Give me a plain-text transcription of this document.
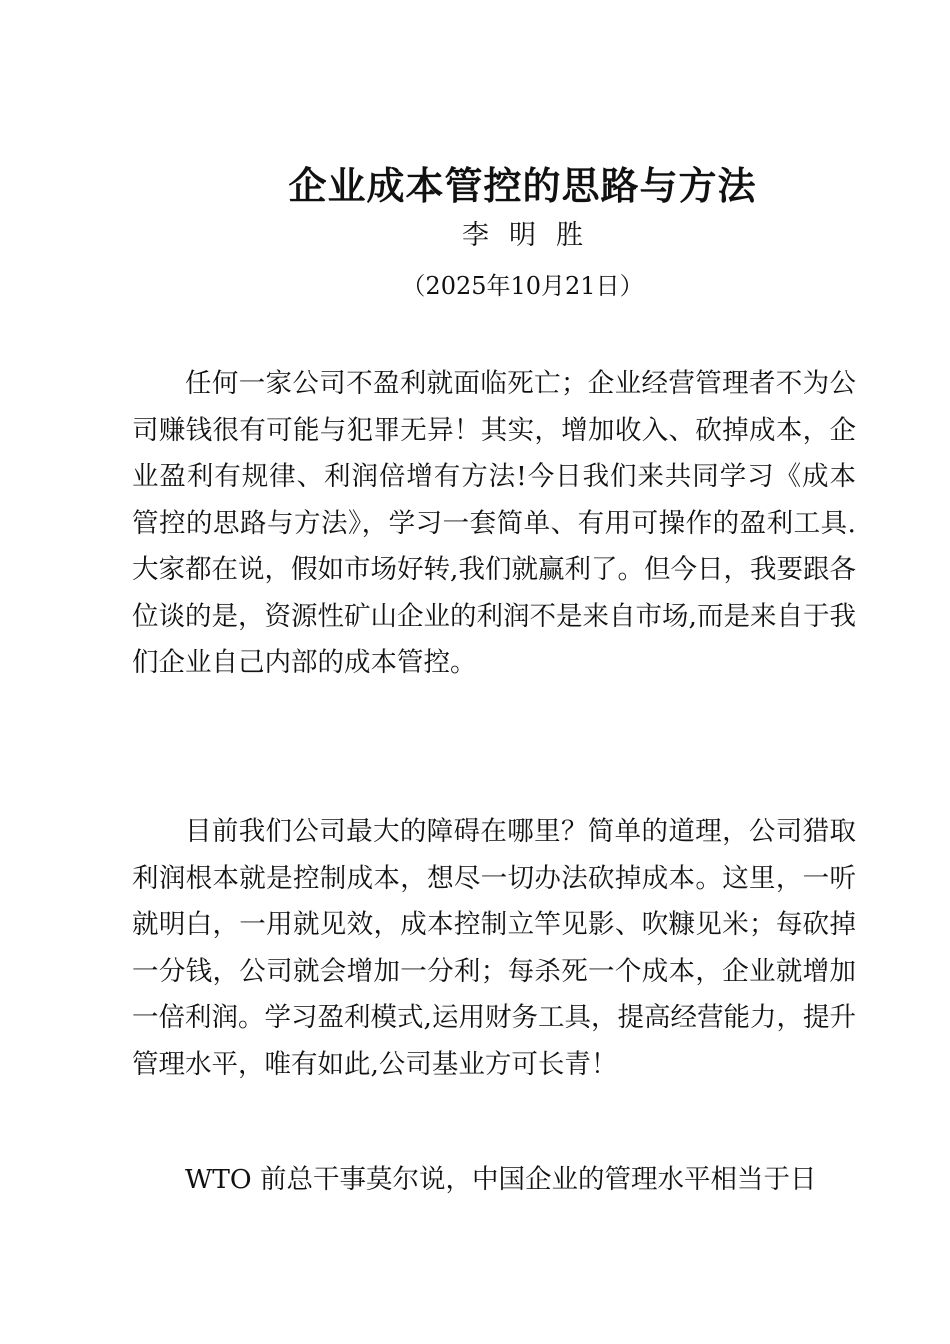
企业成本管控的思路与方法
李 明 胜
（2025年10月21日）

任何一家公司不盈利就面临死亡；企业经营管理者不为公司赚钱很有可能与犯罪无异！其实，增加收入、砍掉成本，企业盈利有规律、利润倍增有方法!今日我们来共同学习《成本管控的思路与方法》，学习一套简单、有用可操作的盈利工具.大家都在说，假如市场好转,我们就赢利了。但今日，我要跟各位谈的是，资源性矿山企业的利润不是来自市场,而是来自于我们企业自己内部的成本管控。

目前我们公司最大的障碍在哪里？简单的道理，公司猎取利润根本就是控制成本，想尽一切办法砍掉成本。这里，一听就明白，一用就见效，成本控制立竿见影、吹糠见米；每砍掉一分钱，公司就会增加一分利；每杀死一个成本，企业就增加一倍利润。学习盈利模式,运用财务工具，提高经营能力，提升管理水平，唯有如此,公司基业方可长青！

WTO 前总干事莫尔说，中国企业的管理水平相当于日
